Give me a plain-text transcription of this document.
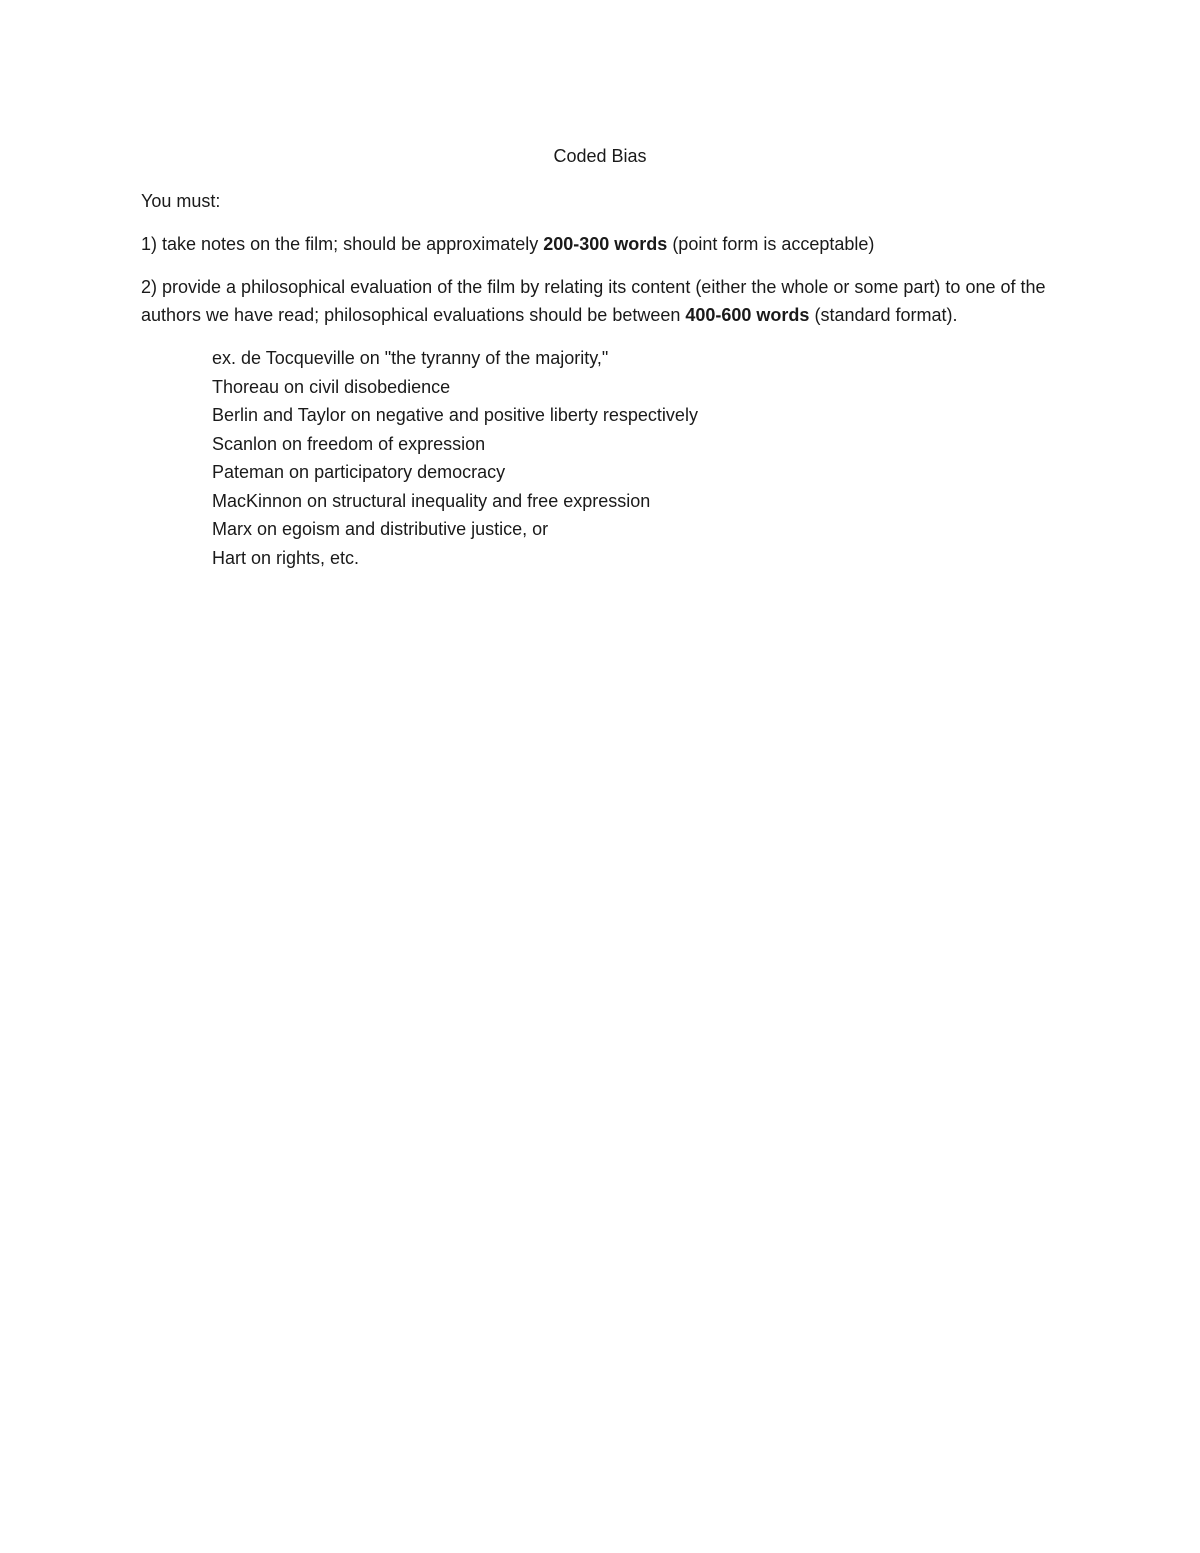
Coded Bias
You must:
1) take notes on the film; should be approximately 200-300 words (point form is acceptable)
2) provide a philosophical evaluation of the film by relating its content (either the whole or some part) to one of the authors we have read; philosophical evaluations should be between 400-600 words (standard format).
ex. de Tocqueville on "the tyranny of the majority,"
Thoreau on civil disobedience
Berlin and Taylor on negative and positive liberty respectively
Scanlon on freedom of expression
Pateman on participatory democracy
MacKinnon on structural inequality and free expression
Marx on egoism and distributive justice, or
Hart on rights, etc.
